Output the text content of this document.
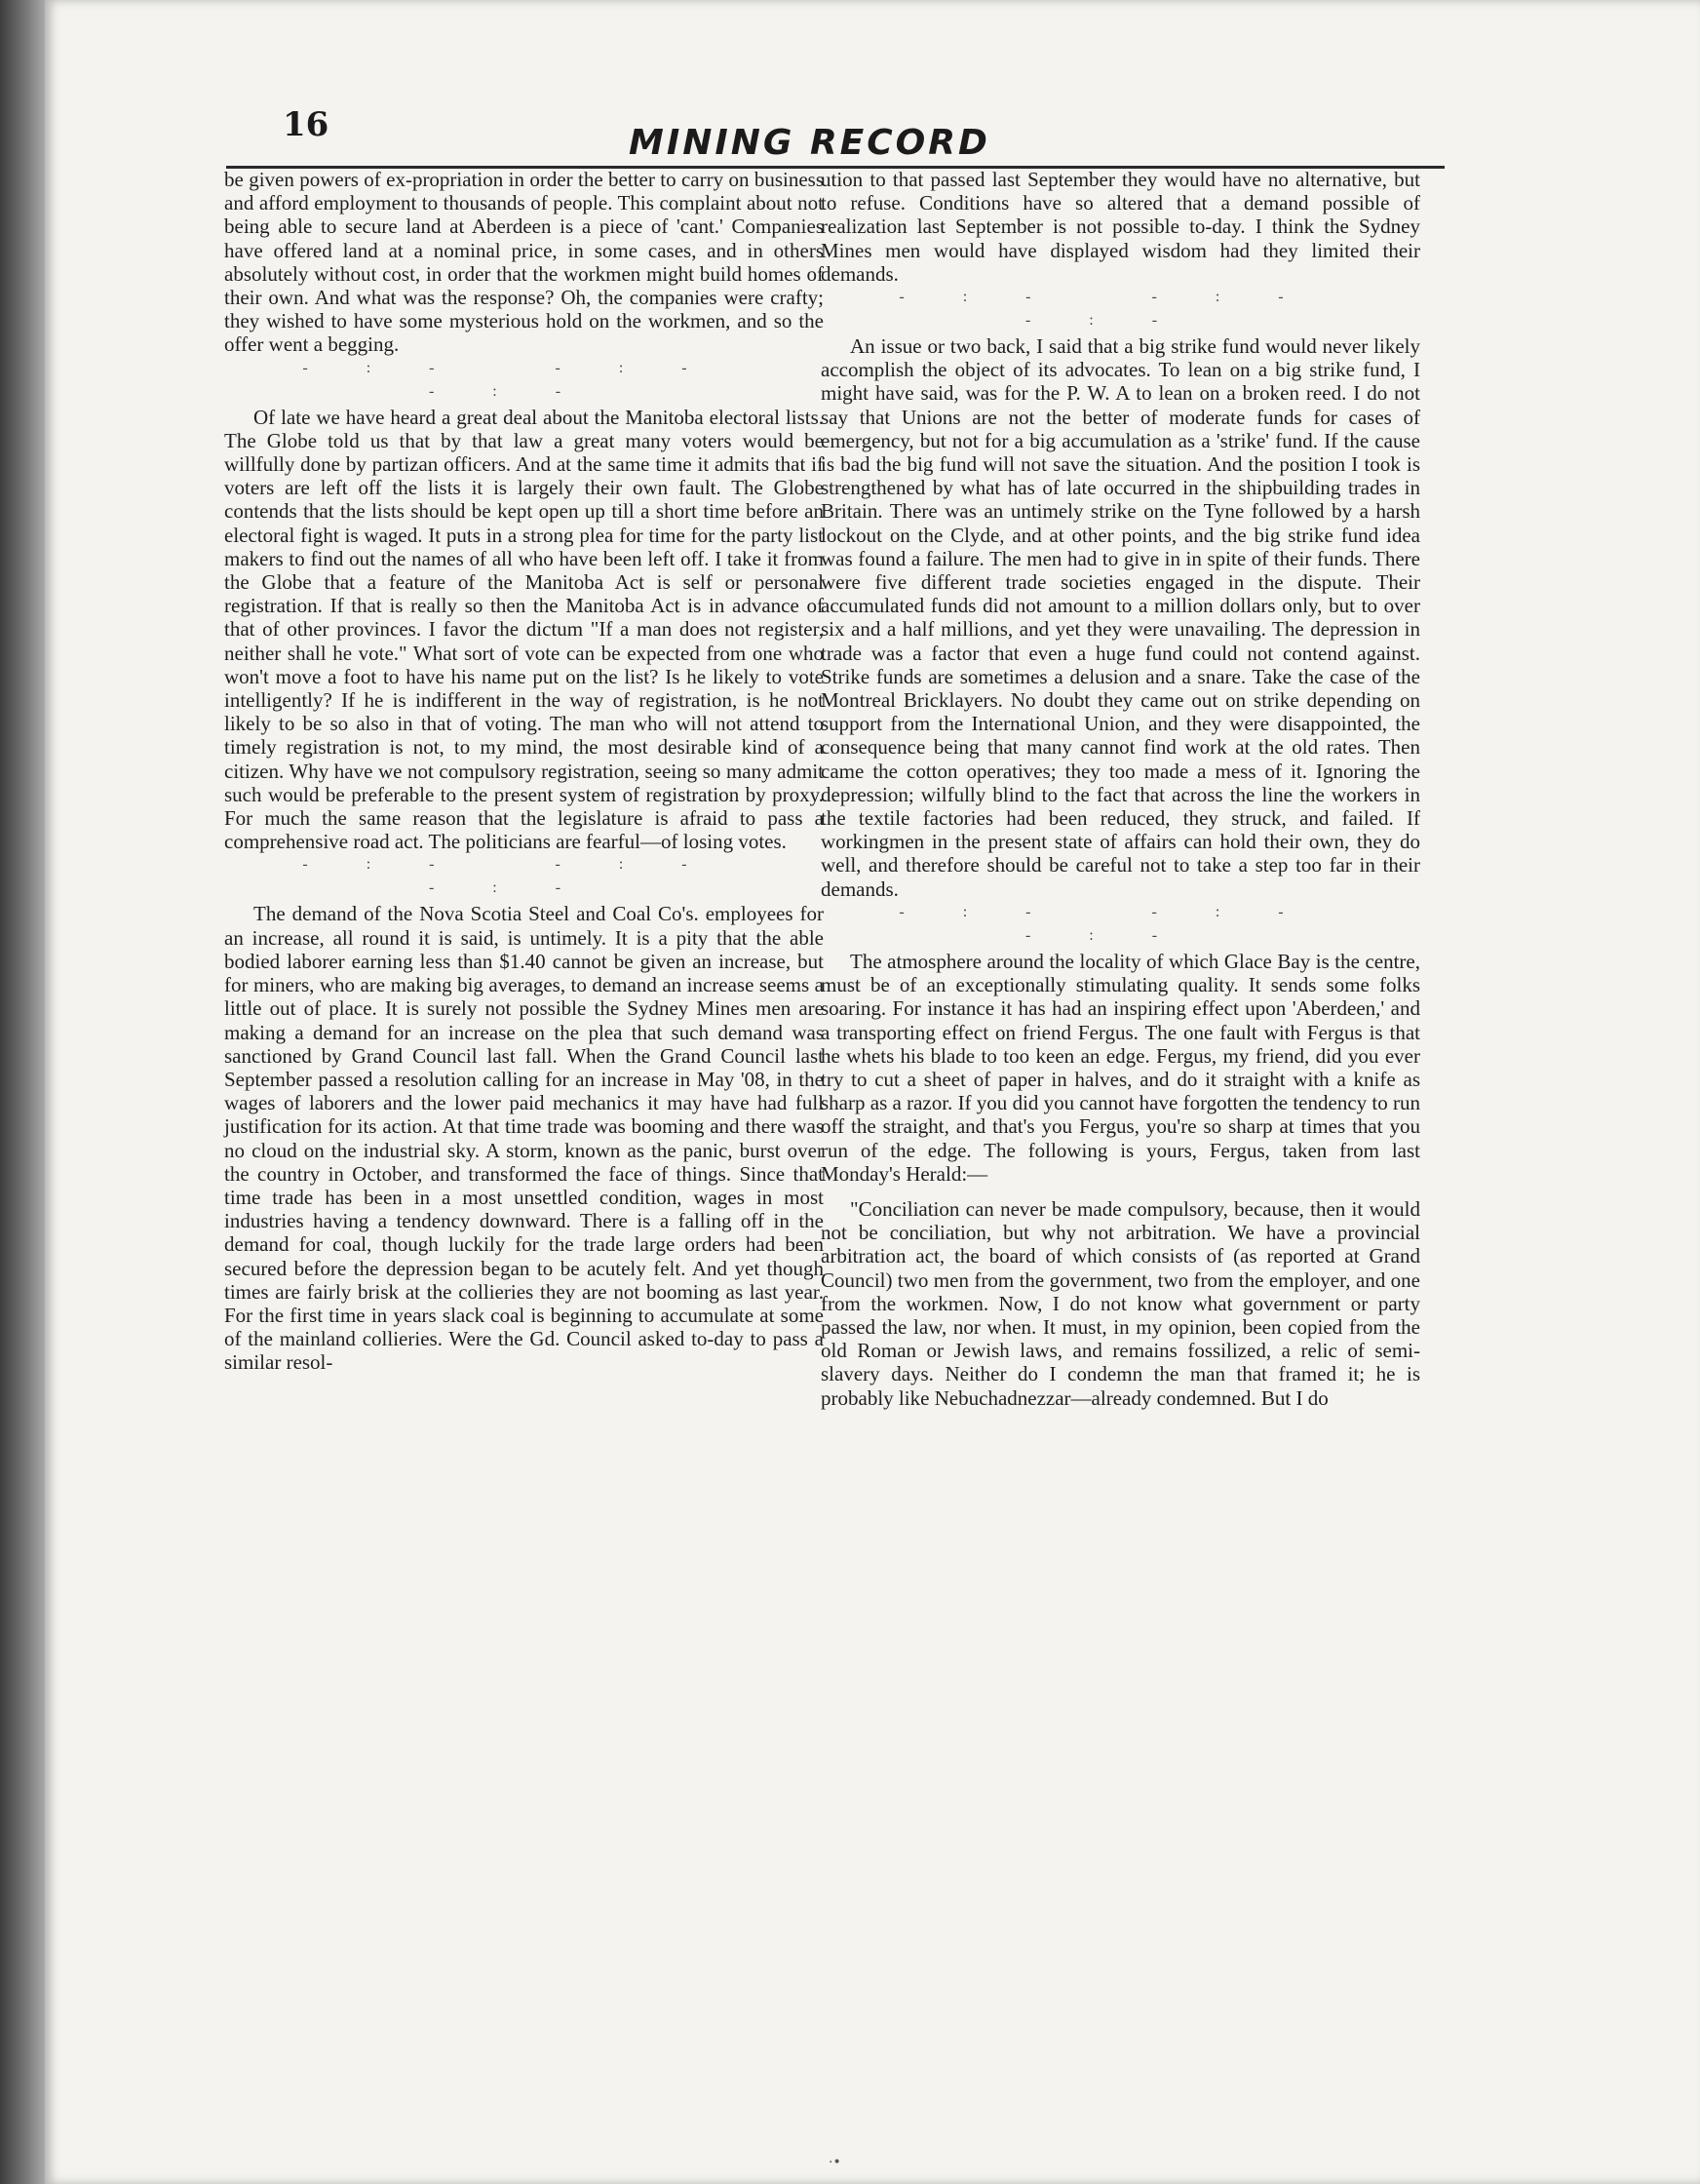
16	MINING RECORD

be given powers of ex-propriation in order the better to carry on business and afford employment to thousands of people. This complaint about not being able to secure land at Aberdeen is a piece of 'cant.' Companies have offered land at a nominal price, in some cases, and in others absolutely without cost, in order that the workmen might build homes of their own. And what was the response? Oh, the companies were crafty; they wished to have some mysterious hold on the workmen, and so the offer went a begging.

-:- -:- -:-

Of late we have heard a great deal about the Manitoba electoral lists. The Globe told us that by that law a great many voters would be willfully done by partizan officers. And at the same time it admits that if voters are left off the lists it is largely their own fault. The Globe contends that the lists should be kept open up till a short time before an electoral fight is waged. It puts in a strong plea for time for the party list makers to find out the names of all who have been left off. I take it from the Globe that a feature of the Manitoba Act is self or personal registration. If that is really so then the Manitoba Act is in advance of that of other provinces. I favor the dictum "If a man does not register, neither shall he vote." What sort of vote can be expected from one who won't move a foot to have his name put on the list? Is he likely to vote intelligently? If he is indifferent in the way of registration, is he not likely to be so also in that of voting. The man who will not attend to timely registration is not, to my mind, the most desirable kind of a citizen. Why have we not compulsory registration, seeing so many admit such would be preferable to the present system of registration by proxy. For much the same reason that the legislature is afraid to pass a comprehensive road act. The politicians are fearful—of losing votes.

-:- -:- -:-

The demand of the Nova Scotia Steel and Coal Co's. employees for an increase, all round it is said, is untimely. It is a pity that the able bodied laborer earning less than $1.40 cannot be given an increase, but for miners, who are making big averages, to demand an increase seems a little out of place. It is surely not possible the Sydney Mines men are making a demand for an increase on the plea that such demand was sanctioned by Grand Council last fall. When the Grand Council last September passed a resolution calling for an increase in May '08, in the wages of laborers and the lower paid mechanics it may have had full justification for its action. At that time trade was booming and there was no cloud on the industrial sky. A storm, known as the panic, burst over the country in October, and transformed the face of things. Since that time trade has been in a most unsettled condition, wages in most industries having a tendency downward. There is a falling off in the demand for coal, though luckily for the trade large orders had been secured before the depression began to be acutely felt. And yet though times are fairly brisk at the collieries they are not booming as last year. For the first time in years slack coal is beginning to accumulate at some of the mainland collieries. Were the Gd. Council asked to-day to pass a similar resol-

ution to that passed last September they would have no alternative, but to refuse. Conditions have so altered that a demand possible of realization last September is not possible to-day. I think the Sydney Mines men would have displayed wisdom had they limited their demands.

-:- -:- -:-

An issue or two back, I said that a big strike fund would never likely accomplish the object of its advocates. To lean on a big strike fund, I might have said, was for the P. W. A to lean on a broken reed. I do not say that Unions are not the better of moderate funds for cases of emergency, but not for a big accumulation as a 'strike' fund. If the cause is bad the big fund will not save the situation. And the position I took is strengthened by what has of late occurred in the shipbuilding trades in Britain. There was an untimely strike on the Tyne followed by a harsh lockout on the Clyde, and at other points, and the big strike fund idea was found a failure. The men had to give in in spite of their funds. There were five different trade societies engaged in the dispute. Their accumulated funds did not amount to a million dollars only, but to over six and a half millions, and yet they were unavailing. The depression in trade was a factor that even a huge fund could not contend against. Strike funds are sometimes a delusion and a snare. Take the case of the Montreal Bricklayers. No doubt they came out on strike depending on support from the International Union, and they were disappointed, the consequence being that many cannot find work at the old rates. Then came the cotton operatives; they too made a mess of it. Ignoring the depression; wilfully blind to the fact that across the line the workers in the textile factories had been reduced, they struck, and failed. If workingmen in the present state of affairs can hold their own, they do well, and therefore should be careful not to take a step too far in their demands.

-:- -:- -:-

The atmosphere around the locality of which Glace Bay is the centre, must be of an exceptionally stimulating quality. It sends some folks soaring. For instance it has had an inspiring effect upon 'Aberdeen,' and a transporting effect on friend Fergus. The one fault with Fergus is that he whets his blade to too keen an edge. Fergus, my friend, did you ever try to cut a sheet of paper in halves, and do it straight with a knife as sharp as a razor. If you did you cannot have forgotten the tendency to run off the straight, and that's you Fergus, you're so sharp at times that you run of the edge. The following is yours, Fergus, taken from last Monday's Herald:—

"Conciliation can never be made compulsory, because, then it would not be conciliation, but why not arbitration. We have a provincial arbitration act, the board of which consists of (as reported at Grand Council) two men from the government, two from the employer, and one from the workmen. Now, I do not know what government or party passed the law, nor when. It must, in my opinion, been copied from the old Roman or Jewish laws, and remains fossilized, a relic of semi-slavery days. Neither do I condemn the man that framed it; he is probably like Nebuchadnezzar—already condemned. But I do

·•
